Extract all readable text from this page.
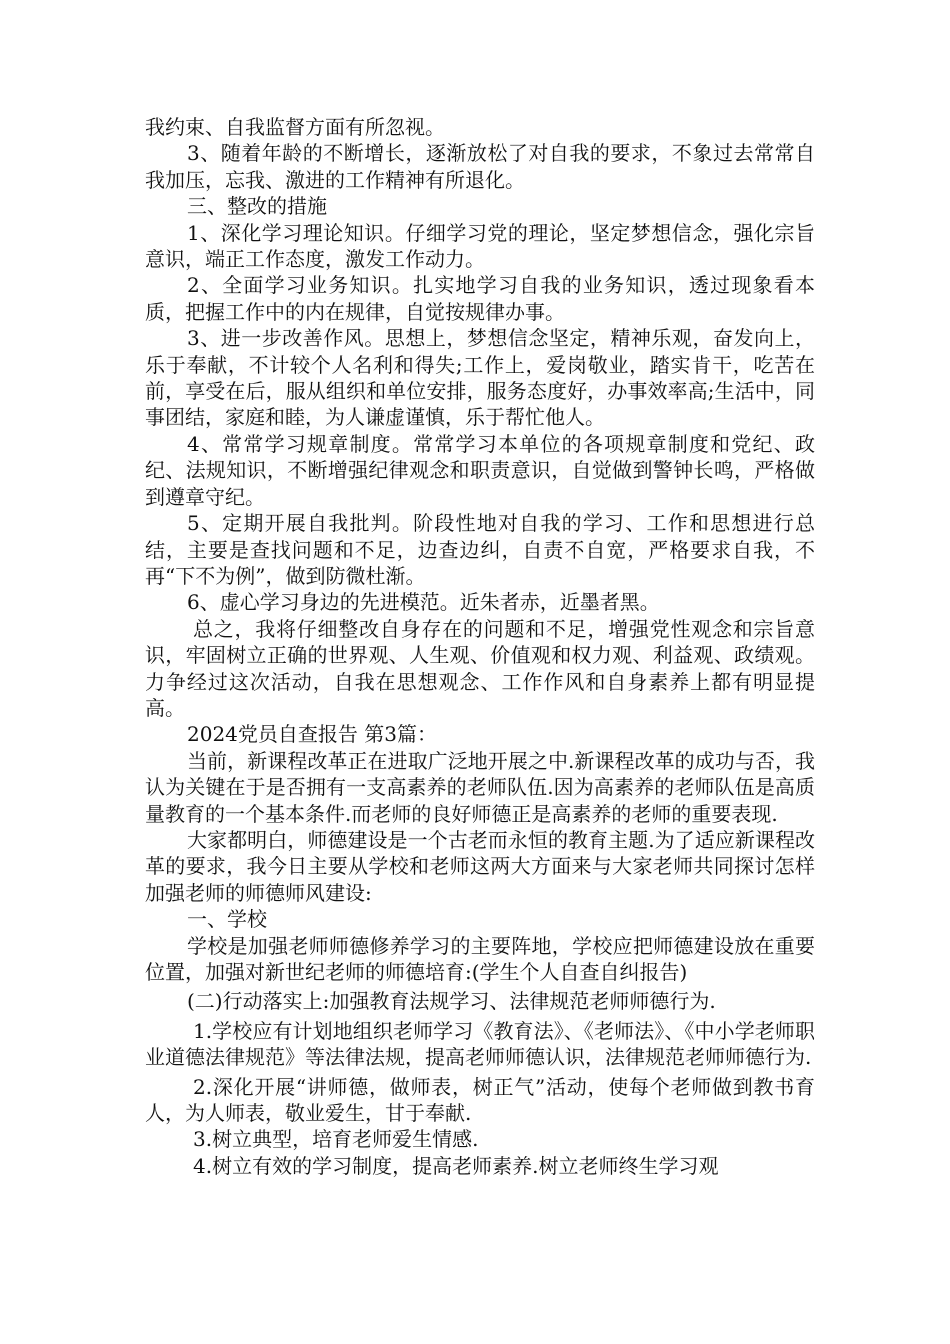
我约束、自我监督方面有所忽视。

3、随着年龄的不断增长，逐渐放松了对自我的要求，不象过去常常自我加压，忘我、激进的工作精神有所退化。

三、整改的措施

1、深化学习理论知识。仔细学习党的理论，坚定梦想信念，强化宗旨意识，端正工作态度，激发工作动力。

2、全面学习业务知识。扎实地学习自我的业务知识，透过现象看本质，把握工作中的内在规律，自觉按规律办事。

3、进一步改善作风。思想上，梦想信念坚定，精神乐观，奋发向上，乐于奉献，不计较个人名利和得失;工作上，爱岗敬业，踏实肯干，吃苦在前，享受在后，服从组织和单位安排，服务态度好，办事效率高;生活中，同事团结，家庭和睦，为人谦虚谨慎，乐于帮忙他人。

4、常常学习规章制度。常常学习本单位的各项规章制度和党纪、政纪、法规知识，不断增强纪律观念和职责意识，自觉做到警钟长鸣，严格做到遵章守纪。

5、定期开展自我批判。阶段性地对自我的学习、工作和思想进行总结，主要是查找问题和不足，边查边纠，自责不自宽，严格要求自我，不再“下不为例”，做到防微杜渐。

6、虚心学习身边的先进模范。近朱者赤，近墨者黑。

总之，我将仔细整改自身存在的问题和不足，增强党性观念和宗旨意识，牢固树立正确的世界观、人生观、价值观和权力观、利益观、政绩观。力争经过这次活动，自我在思想观念、工作作风和自身素养上都有明显提高。

2024党员自查报告 第3篇：

当前，新课程改革正在进取广泛地开展之中.新课程改革的成功与否，我认为关键在于是否拥有一支高素养的老师队伍.因为高素养的老师队伍是高质量教育的一个基本条件.而老师的良好师德正是高素养的老师的重要表现.

大家都明白，师德建设是一个古老而永恒的教育主题.为了适应新课程改革的要求，我今日主要从学校和老师这两大方面来与大家老师共同探讨怎样加强老师的师德师风建设:

一、学校

学校是加强老师师德修养学习的主要阵地，学校应把师德建设放在重要位置，加强对新世纪老师的师德培育:(学生个人自查自纠报告)

(二)行动落实上:加强教育法规学习、法律规范老师师德行为.

1.学校应有计划地组织老师学习《教育法》、《老师法》、《中小学老师职业道德法律规范》等法律法规，提高老师师德认识，法律规范老师师德行为.

2.深化开展“讲师德，做师表，树正气”活动，使每个老师做到教书育人，为人师表，敬业爱生，甘于奉献.

3.树立典型，培育老师爱生情感.

4.树立有效的学习制度，提高老师素养.树立老师终生学习观
